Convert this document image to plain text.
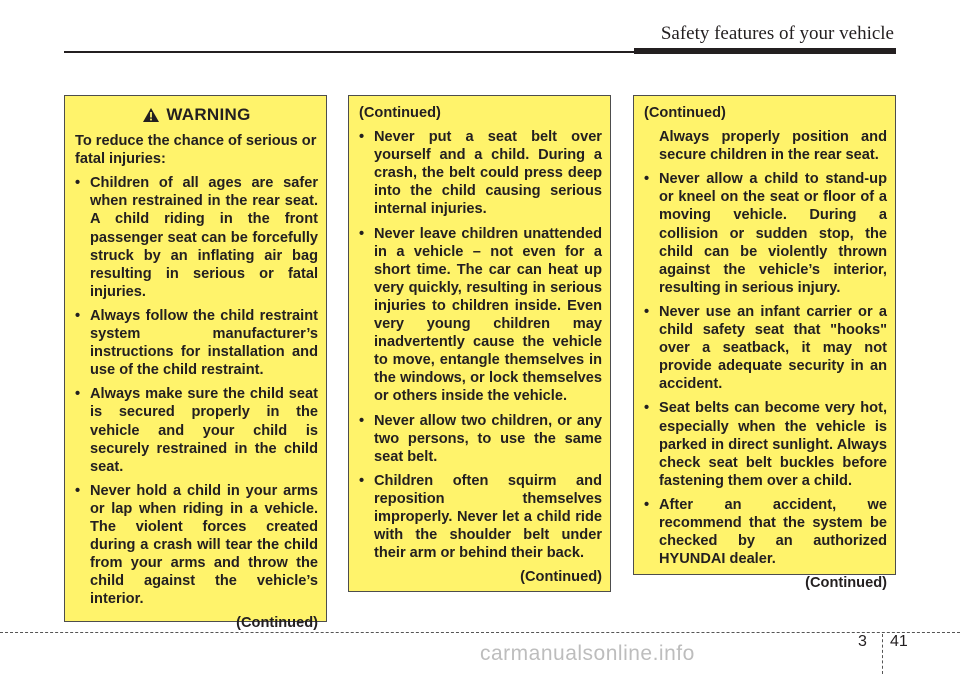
Safety features of your vehicle
WARNING
To reduce the chance of serious or fatal injuries:
• Children of all ages are safer when restrained in the rear seat. A child riding in the front passenger seat can be forcefully struck by an inflating air bag resulting in serious or fatal injuries.
• Always follow the child restraint system manufacturer’s instructions for installation and use of the child restraint.
• Always make sure the child seat is secured properly in the vehicle and your child is securely restrained in the child seat.
• Never hold a child in your arms or lap when riding in a vehicle. The violent forces created during a crash will tear the child from your arms and throw the child against the vehicle’s interior.
(Continued)
(Continued)
• Never put a seat belt over yourself and a child. During a crash, the belt could press deep into the child causing serious internal injuries.
• Never leave children unattended in a vehicle – not even for a short time. The car can heat up very quickly, resulting in serious injuries to children inside. Even very young children may inadvertently cause the vehicle to move, entangle themselves in the windows, or lock themselves or others inside the vehicle.
• Never allow two children, or any two persons, to use the same seat belt.
• Children often squirm and reposition themselves improperly. Never let a child ride with the shoulder belt under their arm or behind their back.
(Continued)
(Continued)
Always properly position and secure children in the rear seat.
• Never allow a child to stand-up or kneel on the seat or floor of a moving vehicle. During a collision or sudden stop, the child can be violently thrown against the vehicle’s interior, resulting in serious injury.
• Never use an infant carrier or a child safety seat that "hooks" over a seatback, it may not provide adequate security in an accident.
• Seat belts can become very hot, especially when the vehicle is parked in direct sunlight. Always check seat belt buckles before fastening them over a child.
• After an accident, we recommend that the system be checked by an authorized HYUNDAI dealer.
(Continued)
3 41
carmanualsonline.info
